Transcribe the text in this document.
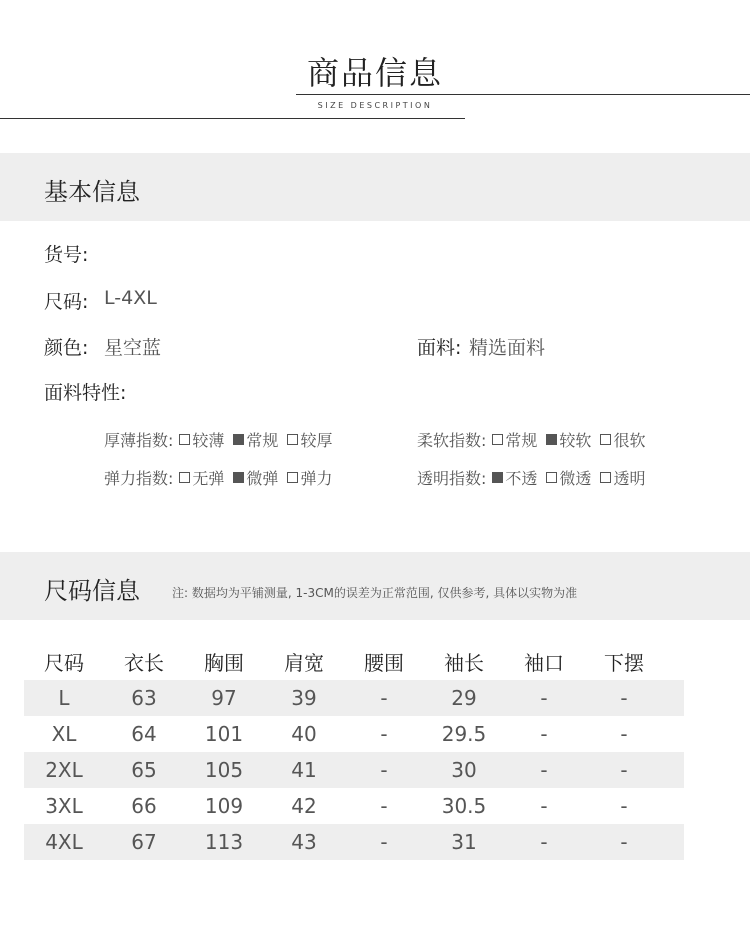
商品信息
SIZE DESCRIPTION
基本信息
货号:
尺码: L-4XL
颜色: 星空蓝	面料: 精选面料
面料特性:
厚薄指数: 较薄 常规 较厚	柔软指数: 常规 较软 很软
弹力指数: 无弹 微弹 弹力	透明指数: 不透 微透 透明
尺码信息	注: 数据均为平铺测量, 1-3CM的误差为正常范围, 仅供参考, 具体以实物为准
尺码	衣长	胸围	肩宽	腰围	袖长	袖口	下摆
L	63	97	39	-	29	-	-
XL	64	101	40	-	29.5	-	-
2XL	65	105	41	-	30	-	-
3XL	66	109	42	-	30.5	-	-
4XL	67	113	43	-	31	-	-
